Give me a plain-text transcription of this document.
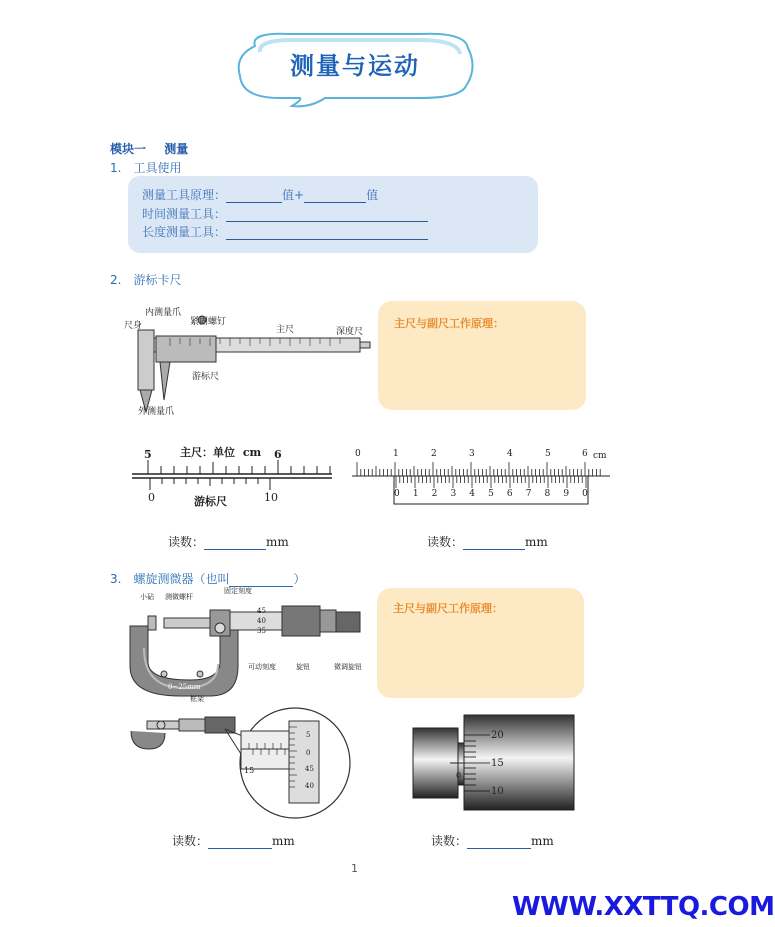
测量与运动
模块一 测量
1.　工具使用
测量工具原理：	值+	值
时间测量工具：
长度测量工具：
2.　游标卡尺
尺身
内测量爪
紧固螺钉
主尺	深度尺
游标尺
外测量爪
主尺与副尺工作原理：
5	6
主尺：单位 cm
0	10
游标尺
0	1	2	3	4	5	6 cm
0 1 2 3 4 5 6 7 8 9 0
读数：	mm	读数：	mm
3.　螺旋测微器（也叫	）
小砧 测微螺杆
固定刻度
可动刻度	旋钮	微调旋钮
框架
0.01mm
0~25mm
45
40
35
主尺与副尺工作原理：
5
0
45
40
15
20
15
10
0
读数：	mm	读数：	mm
1
WWW.XXTTQ.COM
